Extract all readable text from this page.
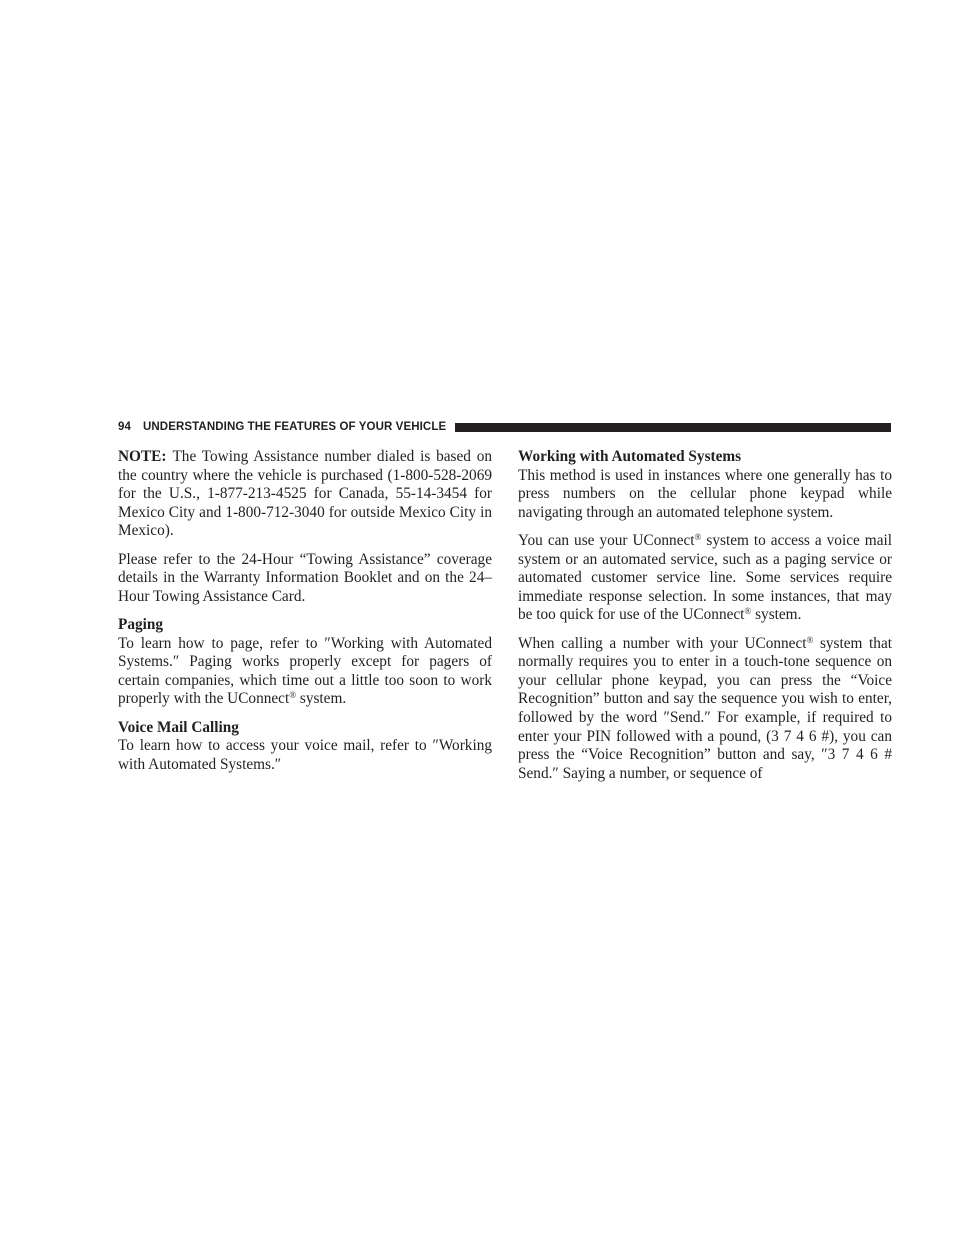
94 UNDERSTANDING THE FEATURES OF YOUR VEHICLE

NOTE: The Towing Assistance number dialed is based on the country where the vehicle is purchased (1-800-528-2069 for the U.S., 1-877-213-4525 for Canada, 55-14-3454 for Mexico City and 1-800-712-3040 for outside Mexico City in Mexico).

Please refer to the 24-Hour “Towing Assistance” coverage details in the Warranty Information Booklet and on the 24–Hour Towing Assistance Card.

Paging

To learn how to page, refer to ″Working with Automated Systems.″ Paging works properly except for pagers of certain companies, which time out a little too soon to work properly with the UConnect® system.

Voice Mail Calling

To learn how to access your voice mail, refer to ″Working with Automated Systems.″

Working with Automated Systems

This method is used in instances where one generally has to press numbers on the cellular phone keypad while navigating through an automated telephone system.

You can use your UConnect® system to access a voice mail system or an automated service, such as a paging service or automated customer service line. Some services require immediate response selection. In some instances, that may be too quick for use of the UConnect® system.

When calling a number with your UConnect® system that normally requires you to enter in a touch-tone sequence on your cellular phone keypad, you can press the “Voice Recognition” button and say the sequence you wish to enter, followed by the word ″Send.″ For example, if required to enter your PIN followed with a pound, (3 7 4 6 #), you can press the “Voice Recognition” button and say, ″3 7 4 6 # Send.″ Saying a number, or sequence of
